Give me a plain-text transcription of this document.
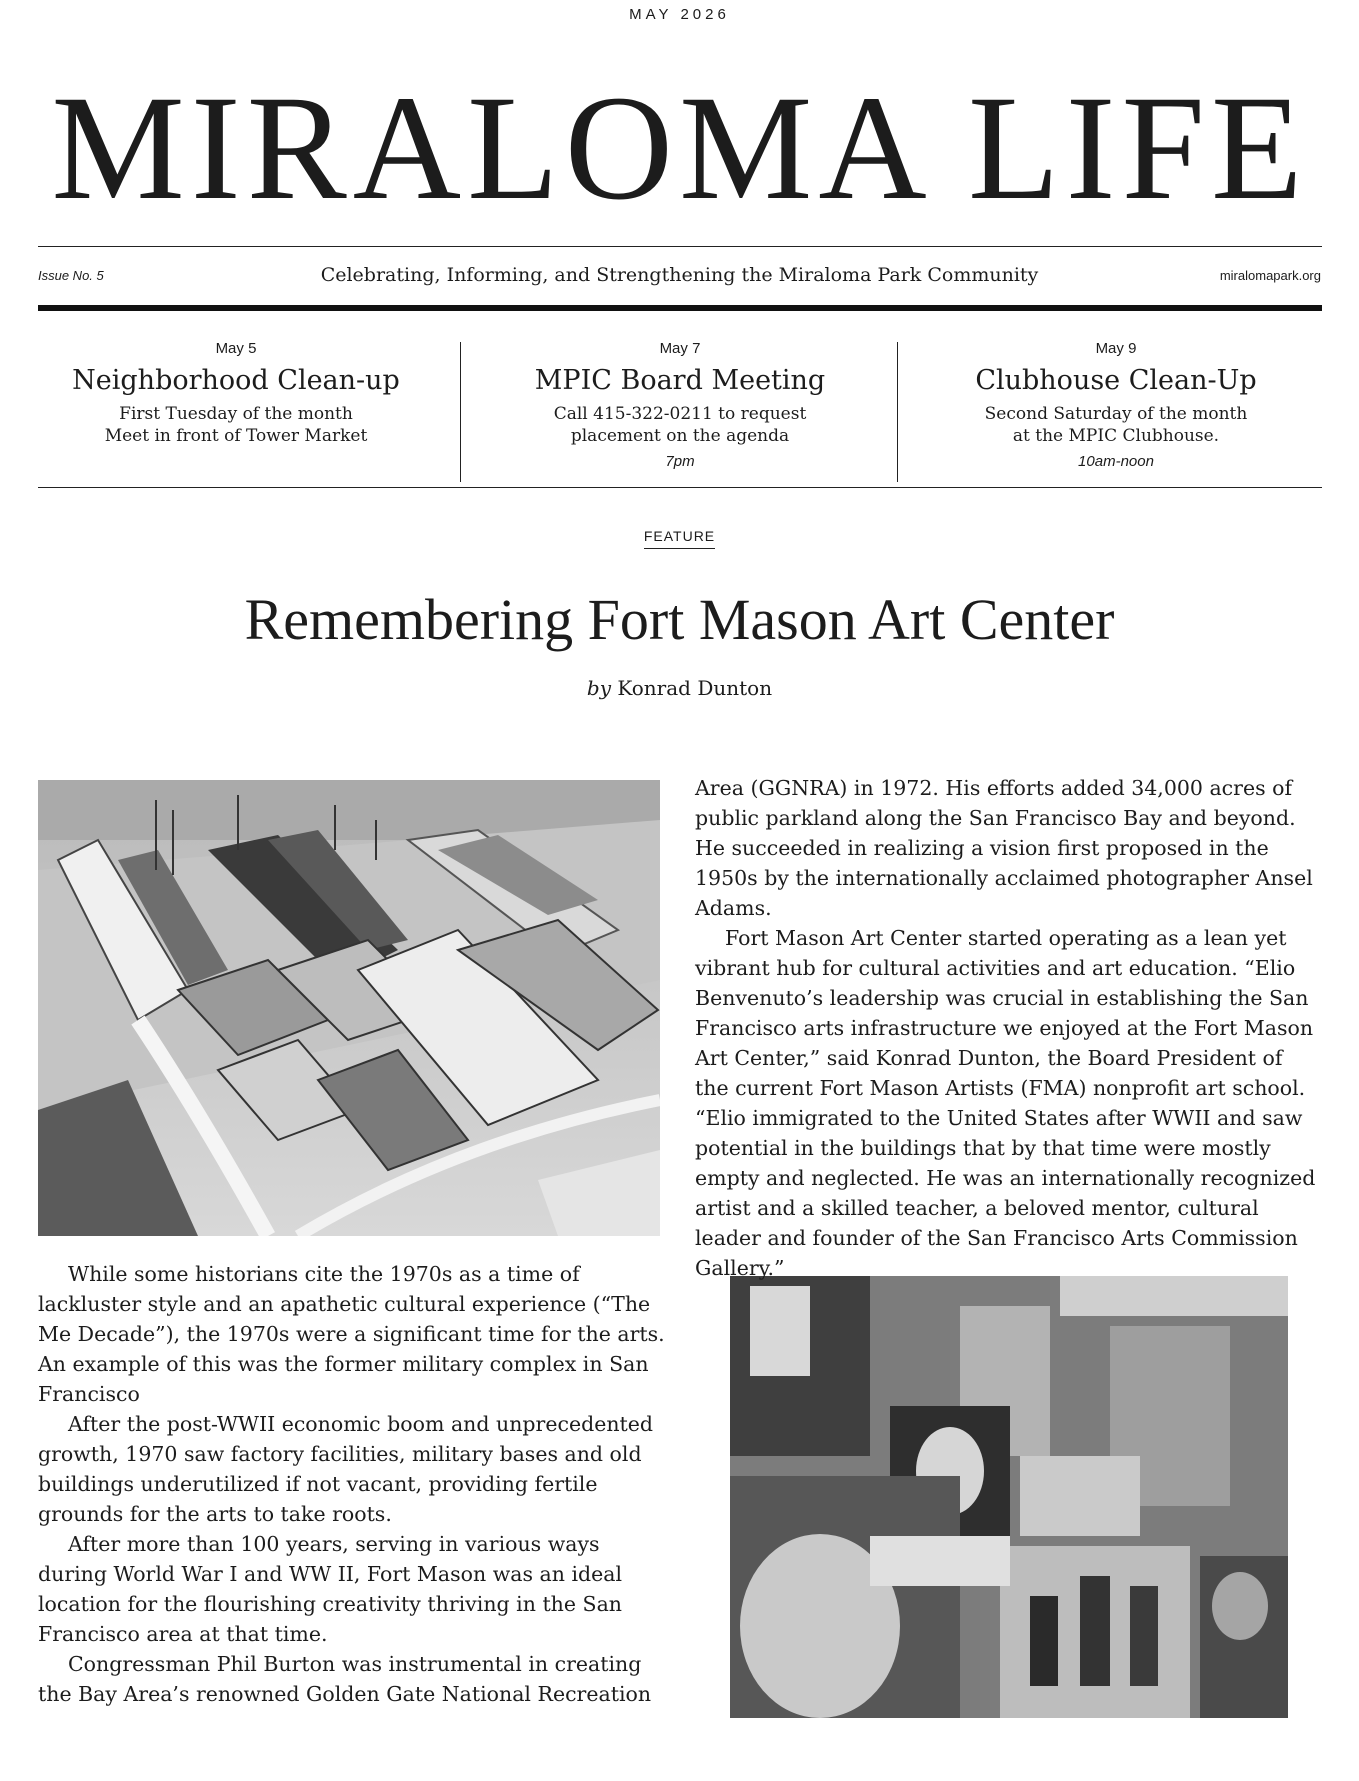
MAY 2026
MIRALOMA LIFE
Issue No. 5	Celebrating, Informing, and Strengthening the Miraloma Park Community	miralomapark.org
May 5
Neighborhood Clean-up
First Tuesday of the month
Meet in front of Tower Market
May 7
MPIC Board Meeting
Call 415-322-0211 to request
placement on the agenda
7pm
May 9
Clubhouse Clean-Up
Second Saturday of the month
at the MPIC Clubhouse.
10am-noon
FEATURE
Remembering Fort Mason Art Center
by Konrad Dunton

While some historians cite the 1970s as a time of lackluster style and an apathetic cultural experience (“The Me Decade”), the 1970s were a significant time for the arts. An example of this was the former military complex in San Francisco

After the post-WWII economic boom and unprecedented growth, 1970 saw factory facilities, military bases and old buildings underutilized if not vacant, providing fertile grounds for the arts to take roots.

After more than 100 years, serving in various ways during World War I and WW II, Fort Mason was an ideal location for the flourishing creativity thriving in the San Francisco area at that time.

Congressman Phil Burton was instrumental in creating the Bay Area’s renowned Golden Gate National Recreation

Area (GGNRA) in 1972. His efforts added 34,000 acres of public parkland along the San Francisco Bay and beyond. He succeeded in realizing a vision first proposed in the 1950s by the internationally acclaimed photographer Ansel Adams.

Fort Mason Art Center started operating as a lean yet vibrant hub for cultural activities and art education. “Elio Benvenuto’s leadership was crucial in establishing the San Francisco arts infrastructure we enjoyed at the Fort Mason Art Center,” said Konrad Dunton, the Board President of the current Fort Mason Artists (FMA) nonprofit art school. “Elio immigrated to the United States after WWII and saw potential in the buildings that by that time were mostly empty and neglected. He was an internationally recognized artist and a skilled teacher, a beloved mentor, cultural leader and founder of the San Francisco Arts Commission Gallery.”
